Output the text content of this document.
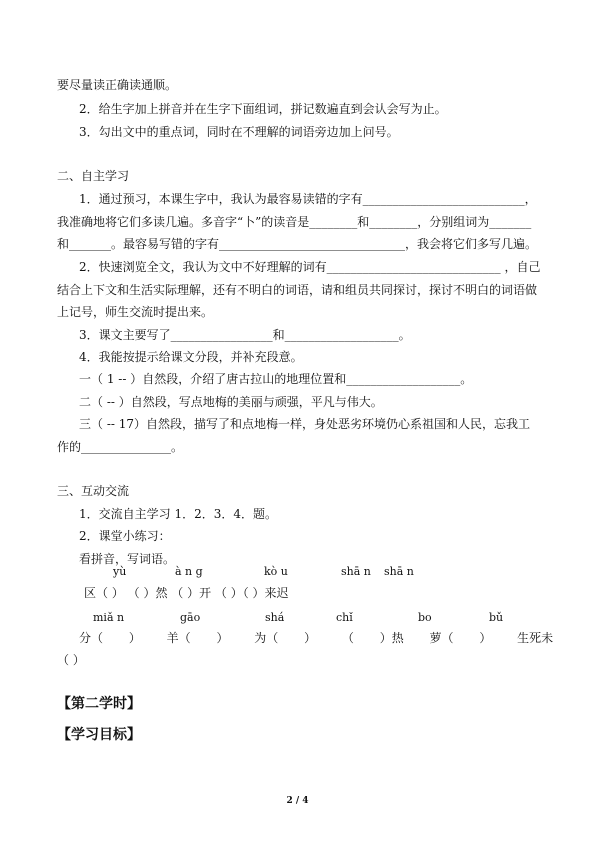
要尽量读正确读通顺。
2．给生字加上拼音并在生字下面组词，拼记数遍直到会认会写为止。
3．勾出文中的重点词，同时在不理解的词语旁边加上问号。
二、自主学习
1．通过预习，本课生字中，我认为最容易读错的字有___________________________，
我准确地将它们多读几遍。多音字“卜”的读音是________和________，分别组词为_______
和_______。最容易写错的字有_______________________________，我会将它们多写几遍。
2．快速浏览全文，我认为文中不好理解的词有_____________________________ ，自己
结合上下文和生活实际理解，还有不明白的词语，请和组员共同探讨，探讨不明白的词语做
上记号，师生交流时提出来。
3．课文主要写了_________________和___________________。
4．我能按提示给课文分段，并补充段意。
一（ 1 -- ）自然段，介绍了唐古拉山的地理位置和___________________。
二（ -- ）自然段，写点地梅的美丽与顽强，平凡与伟大。
三（ -- 17）自然段，描写了和点地梅一样，身处恶劣环境仍心系祖国和人民，忘我工
作的_______________。
三、互动交流
1．交流自主学习 1．2．3．4．题。
2．课堂小练习：
看拼音，写词语。
yù	à n g	kò u	shā n shā n
区（ ） （ ）然 （ ）开 （ ）（ ）来迟
miǎ n	gāo	shá	chǐ	bo	bǔ
分（ ） 羊（ ） 为（ ） （ ）热 萝（ ） 生死未
（ ）
【第二学时】
【学习目标】
2 / 4
